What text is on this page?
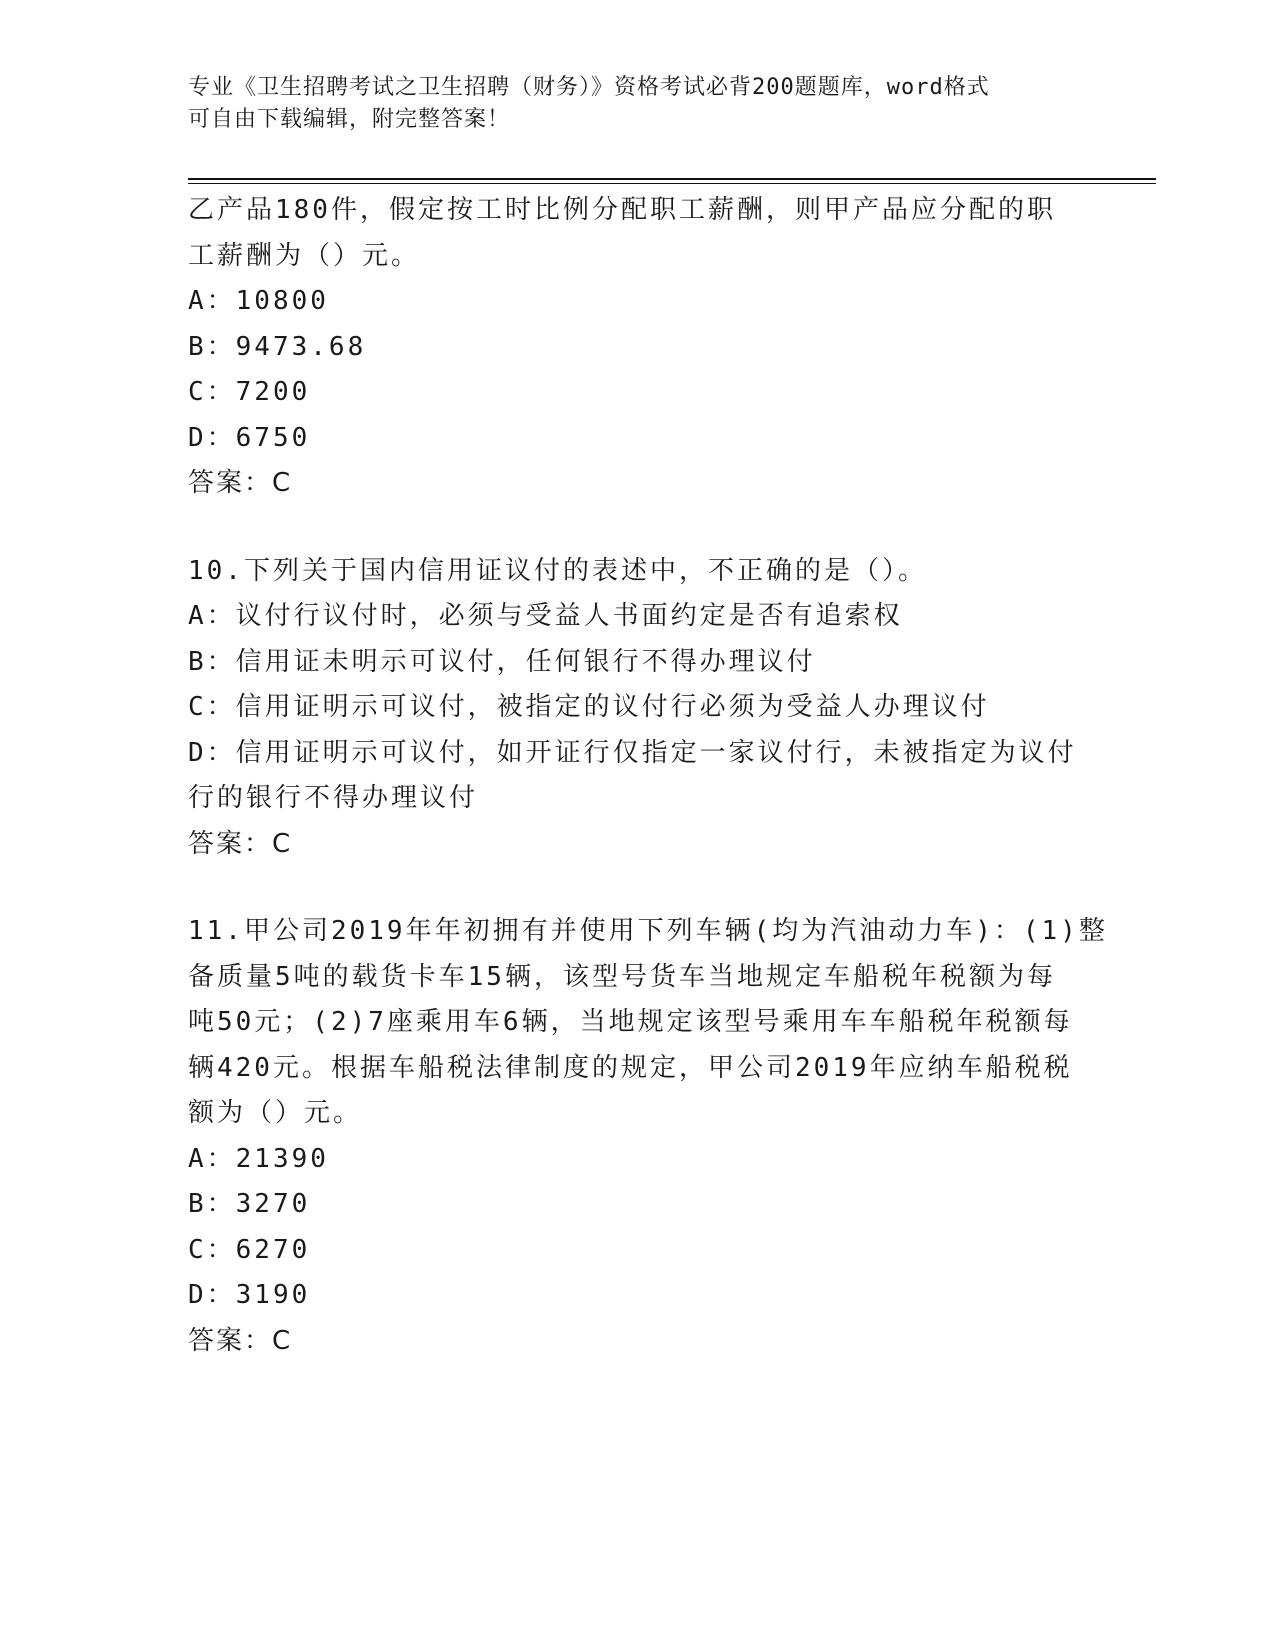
专业《卫生招聘考试之卫生招聘（财务）》资格考试必背200题题库，word格式
可自由下载编辑，附完整答案！
乙产品180件，假定按工时比例分配职工薪酬，则甲产品应分配的职
工薪酬为（）元。
A：10800
B：9473.68
C：7200
D：6750
答案：C
10.下列关于国内信用证议付的表述中，不正确的是（）。
A：议付行议付时，必须与受益人书面约定是否有追索权
B：信用证未明示可议付，任何银行不得办理议付
C：信用证明示可议付，被指定的议付行必须为受益人办理议付
D：信用证明示可议付，如开证行仅指定一家议付行，未被指定为议付
行的银行不得办理议付
答案：C
11.甲公司2019年年初拥有并使用下列车辆(均为汽油动力车)：(1)整
备质量5吨的载货卡车15辆，该型号货车当地规定车船税年税额为每
吨50元；(2)7座乘用车6辆，当地规定该型号乘用车车船税年税额每
辆420元。根据车船税法律制度的规定，甲公司2019年应纳车船税税
额为（）元。
A：21390
B：3270
C：6270
D：3190
答案：C
